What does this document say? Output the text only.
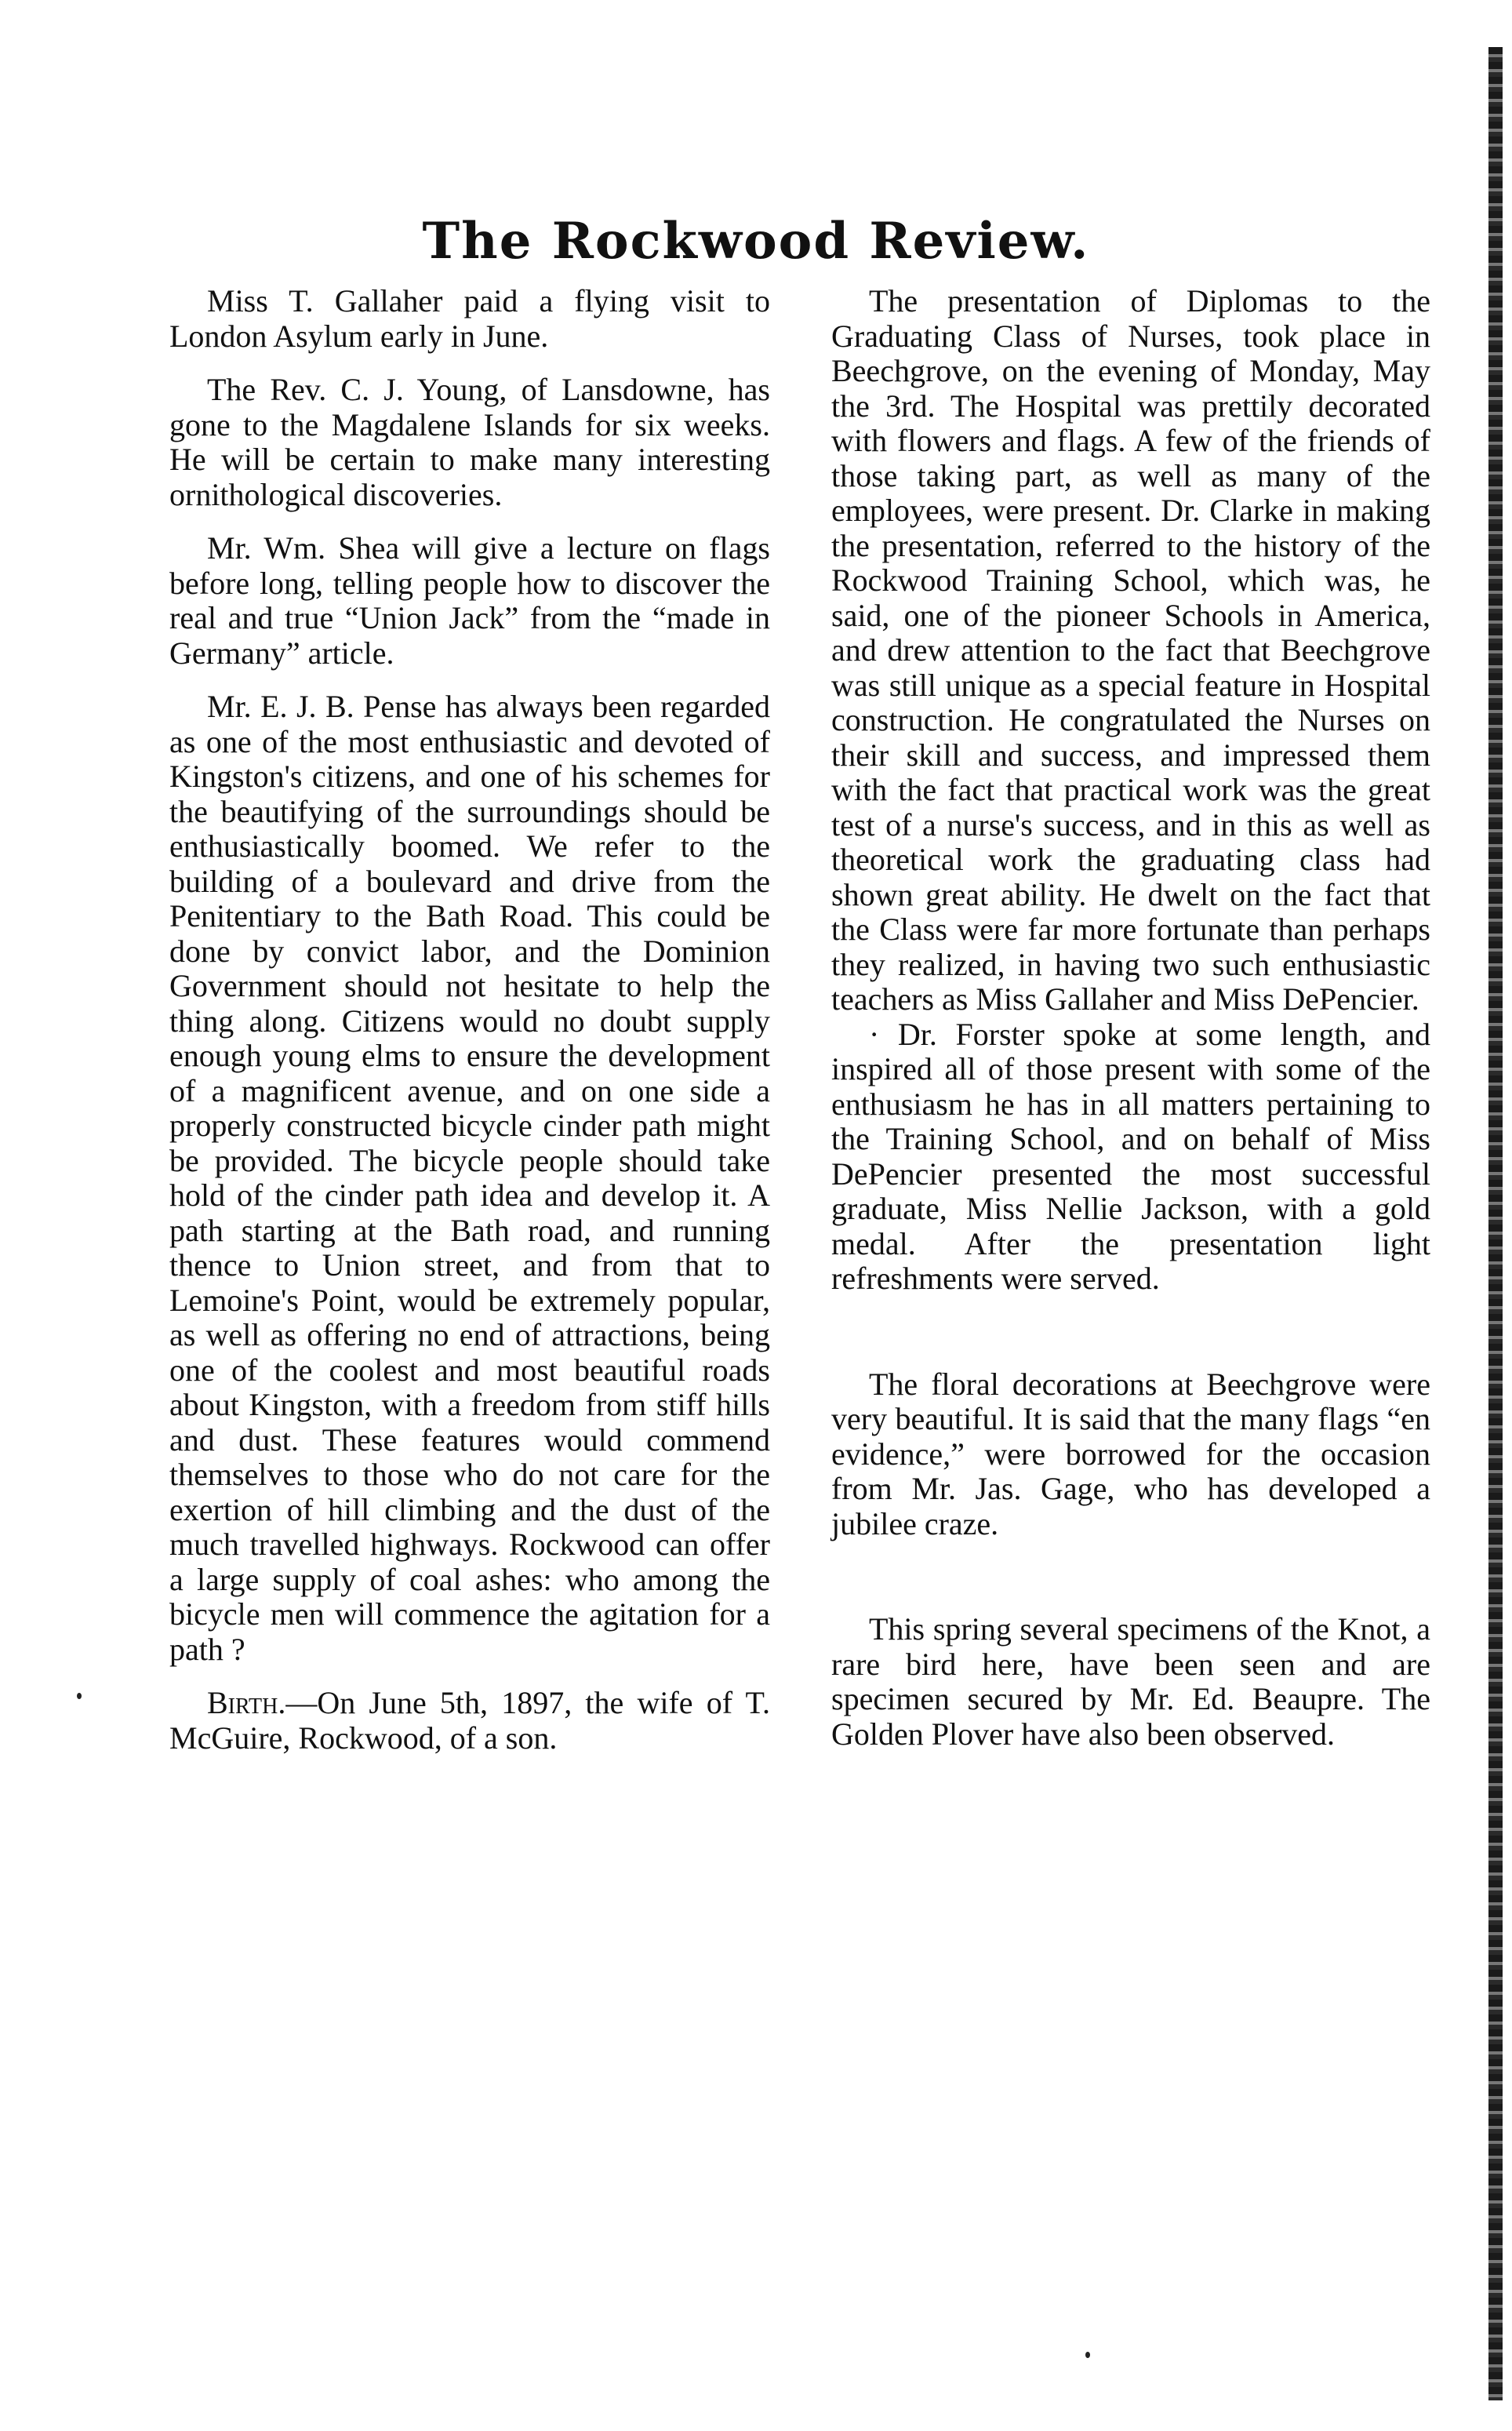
The Rockwood Review.

Miss T. Gallaher paid a flying visit to London Asylum early in June.

The Rev. C. J. Young, of Lansdowne, has gone to the Magdalene Islands for six weeks. He will be certain to make many interesting ornithological discoveries.

Mr. Wm. Shea will give a lecture on flags before long, telling people how to discover the real and true “Union Jack” from the “made in Germany” article.

Mr. E. J. B. Pense has always been regarded as one of the most enthusiastic and devoted of Kingston's citizens, and one of his schemes for the beautifying of the surroundings should be enthusiastically boomed. We refer to the building of a boulevard and drive from the Penitentiary to the Bath Road. This could be done by convict labor, and the Dominion Government should not hesitate to help the thing along. Citizens would no doubt supply enough young elms to ensure the development of a magnificent avenue, and on one side a properly constructed bicycle cinder path might be provided. The bicycle people should take hold of the cinder path idea and develop it. A path starting at the Bath road, and running thence to Union street, and from that to Lemoine's Point, would be extremely popular, as well as offering no end of attractions, being one of the coolest and most beautiful roads about Kingston, with a freedom from stiff hills and dust. These features would commend themselves to those who do not care for the exertion of hill climbing and the dust of the much travelled highways. Rockwood can offer a large supply of coal ashes: who among the bicycle men will commence the agitation for a path ?

Birth.—On June 5th, 1897, the wife of T. McGuire, Rockwood, of a son.

The presentation of Diplomas to the Graduating Class of Nurses, took place in Beechgrove, on the evening of Monday, May the 3rd. The Hospital was prettily decorated with flowers and flags. A few of the friends of those taking part, as well as many of the employees, were present. Dr. Clarke in making the presentation, referred to the history of the Rockwood Training School, which was, he said, one of the pioneer Schools in America, and drew attention to the fact that Beechgrove was still unique as a special feature in Hospital construction. He congratulated the Nurses on their skill and success, and impressed them with the fact that practical work was the great test of a nurse's success, and in this as well as theoretical work the graduating class had shown great ability. He dwelt on the fact that the Class were far more fortunate than perhaps they realized, in having two such enthusiastic teachers as Miss Gallaher and Miss DePencier.

· Dr. Forster spoke at some length, and inspired all of those present with some of the enthusiasm he has in all matters pertaining to the Training School, and on behalf of Miss DePencier presented the most successful graduate, Miss Nellie Jackson, with a gold medal. After the presentation light refreshments were served.

The floral decorations at Beechgrove were very beautiful. It is said that the many flags “en evidence,” were borrowed for the occasion from Mr. Jas. Gage, who has developed a jubilee craze.

This spring several specimens of the Knot, a rare bird here, have been seen and are specimen secured by Mr. Ed. Beaupre. The Golden Plover have also been observed.
